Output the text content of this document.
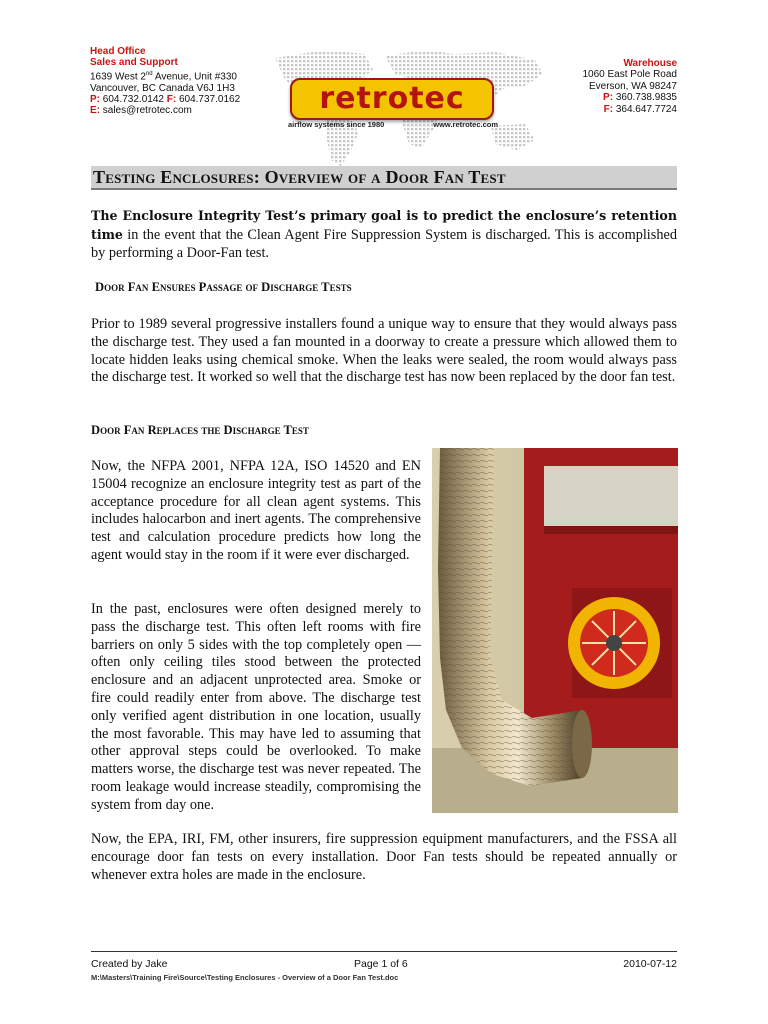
Head Office
Sales and Support
1639 West 2nd Avenue, Unit #330
Vancouver, BC Canada V6J 1H3
P: 604.732.0142 F: 604.737.0162
E: sales@retrotec.com	retrotec
airflow systems since 1980	www.retrotec.com
Warehouse
1060 East Pole Road
Everson, WA 98247
P: 360.738.9835
F: 364.647.7724
Testing Enclosures: Overview of a Door Fan Test
The Enclosure Integrity Test’s primary goal is to predict the enclosure’s retention time in the event that the Clean Agent Fire Suppression System is discharged. This is accomplished by performing a Door-Fan test.
Door Fan Ensures Passage of Discharge Tests
Prior to 1989 several progressive installers found a unique way to ensure that they would always pass the discharge test. They used a fan mounted in a doorway to create a pressure which allowed them to locate hidden leaks using chemical smoke. When the leaks were sealed, the room would always pass the discharge test. It worked so well that the discharge test has now been replaced by the door fan test.
Door Fan Replaces the Discharge Test
Now, the NFPA 2001, NFPA 12A, ISO 14520 and EN 15004 recognize an enclosure integrity test as part of the acceptance procedure for all clean agent systems. This includes halocarbon and inert agents. The comprehensive test and calculation procedure predicts how long the agent would stay in the room if it were ever discharged.
In the past, enclosures were often designed merely to pass the discharge test. This often left rooms with fire barriers on only 5 sides with the top completely open — often only ceiling tiles stood between the protected enclosure and an adjacent unprotected area. Smoke or fire could readily enter from above. The discharge test only verified agent distribution in one location, usually the most favorable. This may have led to assuming that other approval steps could be overlooked. To make matters worse, the discharge test was never repeated. The room leakage would increase steadily, compromising the system from day one.
Now, the EPA, IRI, FM, other insurers, fire suppression equipment manufacturers, and the FSSA all encourage door fan tests on every installation. Door Fan tests should be repeated annually or whenever extra holes are made in the enclosure.
Created by Jake	Page 1 of 6	2010-07-12
M:\Masters\Training Fire\Source\Testing Enclosures - Overview of a Door Fan Test.doc
